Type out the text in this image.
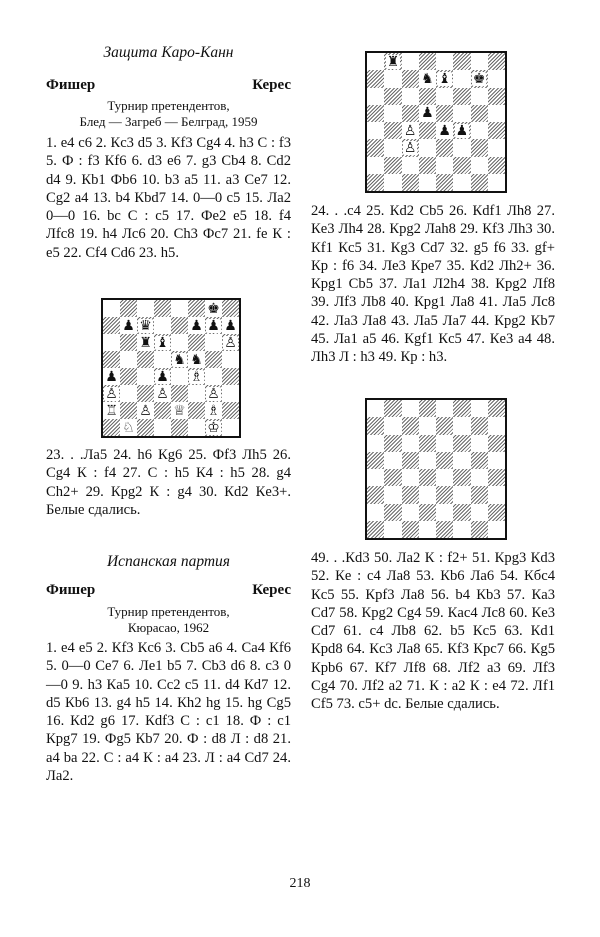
Защита Каро-Канн
Фишер	Керес
Турнир претендентов,
Блед — Загреб — Белград, 1959

1. e4 c6 2. Кc3 d5 3. Кf3 Cg4 4. h3 C : f3 5. Ф : f3 Кf6 6. d3 e6 7. g3 Cb4 8. Cd2 d4 9. Кb1 Фb6 10. b3 a5 11. a3 Ce7 12. Cg2 a4 13. b4 Кbd7 14. 0—0 c5 15. Ла2 0—0 16. bc C : c5 17. Фe2 e5 18. f4 Лfc8 19. h4 Лc6 20. Ch3 Фc7 21. fe К : e5 22. Cf4 Cd6 23. h5.

♚
♟ ♛	♟ ♟ ♟
♜ ♝	♙
♞ ♞
♟	♟ ♗
♙	♙	♙
♖ ♙ ♕ ♗
♘	♔

23. . .Ла5 24. h6 Кg6 25. Фf3 Лh5 26. Cg4 К : f4 27. C : h5 К4 : h5 28. g4 Ch2+ 29. Крg2 К : g4 30. Кd2 Кe3+. Белые сдались.

Испанская партия
Фишер	Керес
Турнир претендентов,
Кюрасао, 1962

1. e4 e5 2. Кf3 Кc6 3. Cb5 a6 4. Ca4 Кf6 5. 0—0 Ce7 6. Лe1 b5 7. Cb3 d6 8. c3 0—0 9. h3 Кa5 10. Cc2 c5 11. d4 Кd7 12. d5 Кb6 13. g4 h5 14. Кh2 hg 15. hg Cg5 16. Кd2 g6 17. Кdf3 C : c1 18. Ф : c1 Крg7 19. Фg5 Кb7 20. Ф : d8 Л : d8 21. a4 ba 22. C : a4 К : a4 23. Л : a4 Cd7 24. Ла2.

♜
♞ ♝ ♚
♟
♙ ♟ ♟
♙

24. . .c4 25. Кd2 Cb5 26. Кdf1 Лh8 27. Кe3 Лh4 28. Крg2 Лah8 29. Кf3 Лh3 30. Кf1 Кc5 31. Кg3 Cd7 32. g5 f6 33. gf+ Кр : f6 34. Лe3 Крe7 35. Кd2 Лh2+ 36. Крg1 Cb5 37. Лa1 Л2h4 38. Крg2 Лf8 39. Лf3 Лb8 40. Крg1 Лa8 41. Лa5 Лc8 42. Лa3 Лa8 43. Лa5 Лa7 44. Крg2 Кb7 45. Лa1 a5 46. Кgf1 Кc5 47. Кe3 a4 48. Лh3 Л : h3 49. Кр : h3.

49. . .Кd3 50. Лa2 К : f2+ 51. Крg3 Кd3 52. Кe : c4 Лa8 53. Кb6 Лa6 54. Кбc4 Кc5 55. Крf3 Лa8 56. b4 Кb3 57. Кa3 Cd7 58. Крg2 Cg4 59. Кac4 Лc8 60. Кe3 Cd7 61. c4 Лb8 62. b5 Кc5 63. Кd1 Крd8 64. Кc3 Лa8 65. Кf3 Крc7 66. Кg5 Крb6 67. Кf7 Лf8 68. Лf2 a3 69. Лf3 Cg4 70. Лf2 a2 71. К : a2 К : e4 72. Лf1 Cf5 73. c5+ dc. Белые сдались.

218
